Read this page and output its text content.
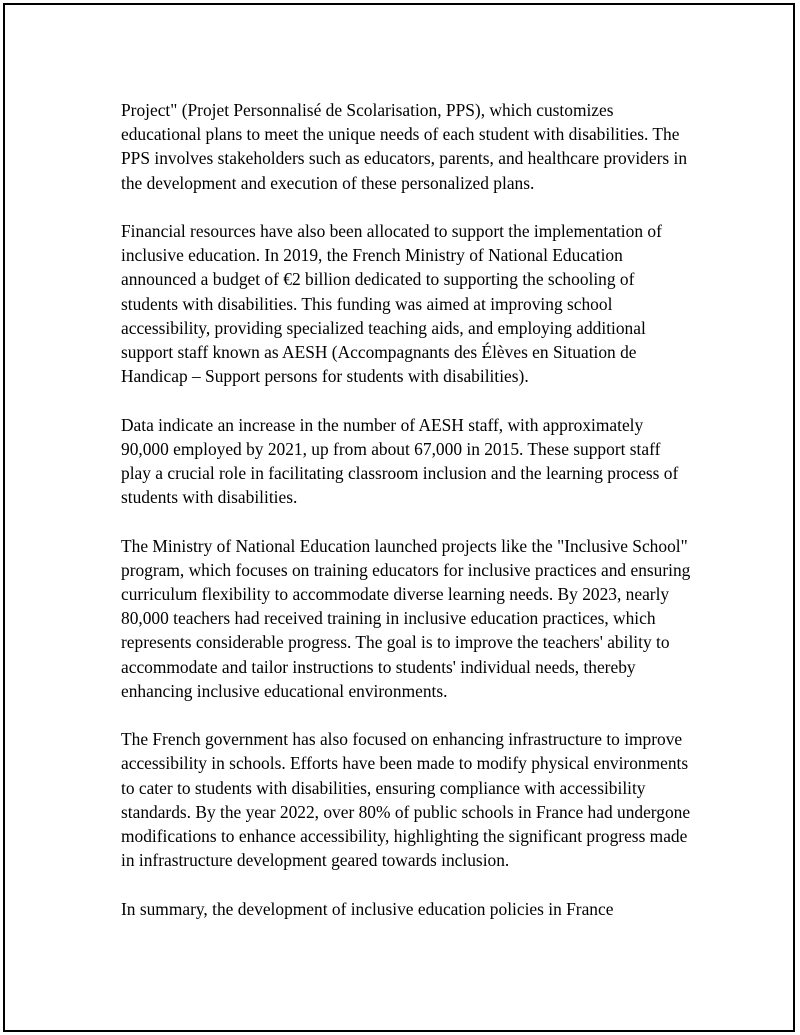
Project" (Projet Personnalisé de Scolarisation, PPS), which customizes educational plans to meet the unique needs of each student with disabilities. The PPS involves stakeholders such as educators, parents, and healthcare providers in the development and execution of these personalized plans.

Financial resources have also been allocated to support the implementation of inclusive education. In 2019, the French Ministry of National Education announced a budget of €2 billion dedicated to supporting the schooling of students with disabilities. This funding was aimed at improving school accessibility, providing specialized teaching aids, and employing additional support staff known as AESH (Accompagnants des Élèves en Situation de Handicap – Support persons for students with disabilities).

Data indicate an increase in the number of AESH staff, with approximately 90,000 employed by 2021, up from about 67,000 in 2015. These support staff play a crucial role in facilitating classroom inclusion and the learning process of students with disabilities.

The Ministry of National Education launched projects like the "Inclusive School" program, which focuses on training educators for inclusive practices and ensuring curriculum flexibility to accommodate diverse learning needs. By 2023, nearly 80,000 teachers had received training in inclusive education practices, which represents considerable progress. The goal is to improve the teachers' ability to accommodate and tailor instructions to students' individual needs, thereby enhancing inclusive educational environments.

The French government has also focused on enhancing infrastructure to improve accessibility in schools. Efforts have been made to modify physical environments to cater to students with disabilities, ensuring compliance with accessibility standards. By the year 2022, over 80% of public schools in France had undergone modifications to enhance accessibility, highlighting the significant progress made in infrastructure development geared towards inclusion.

In summary, the development of inclusive education policies in France
